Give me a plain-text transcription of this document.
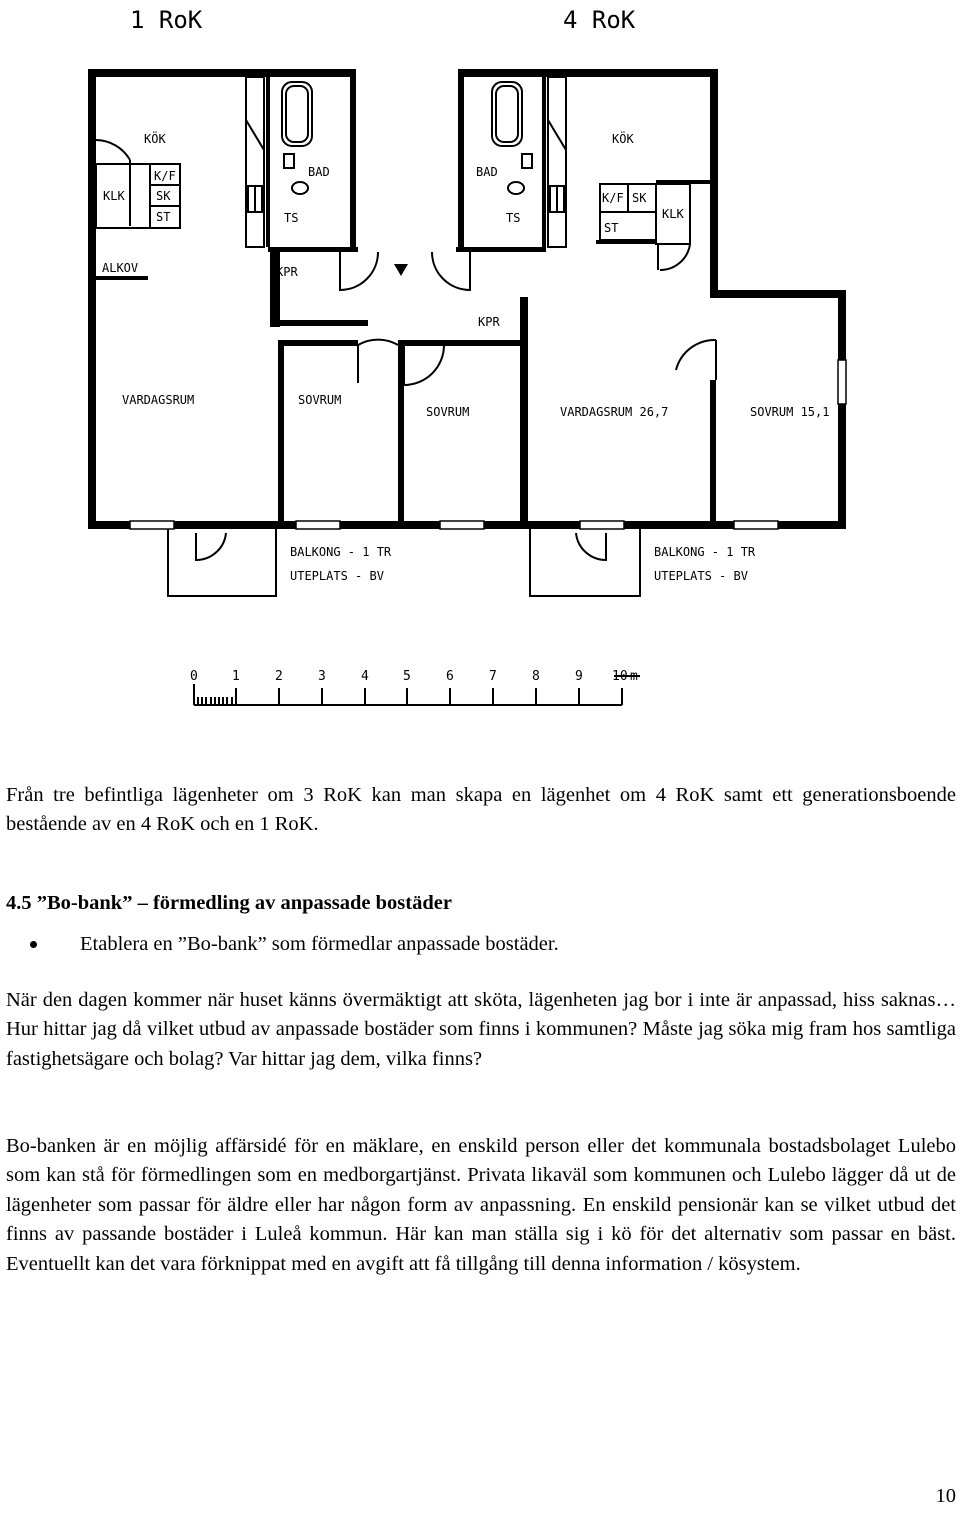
1 RoK	4 RoK
KÖK
KLK
K/F
SK
ST
ALKOV
BAD
TS
KPR
VARDAGSRUM	SOVRUM
SOVRUM
BAD
TS
KÖK
K/F SK
ST
KLK
KPR
VARDAGSRUM 26,7	SOVRUM 15,1
BALKONG - 1 TR
UTEPLATS - BV
BALKONG - 1 TR
UTEPLATS - BV
0	1	2	3	4	5	6	7	8	9 10 m

Från tre befintliga lägenheter om 3 RoK kan man skapa en lägenhet om 4 RoK samt ett generationsboende bestående av en 4 RoK och en 1 RoK.

4.5 ”Bo-bank” – förmedling av anpassade bostäder

Etablera en ”Bo-bank” som förmedlar anpassade bostäder.

När den dagen kommer när huset känns övermäktigt att sköta, lägenheten jag bor i inte är anpassad, hiss saknas… Hur hittar jag då vilket utbud av anpassade bostäder som finns i kommunen? Måste jag söka mig fram hos samtliga fastighetsägare och bolag? Var hittar jag dem, vilka finns?

Bo-banken är en möjlig affärsidé för en mäklare, en enskild person eller det kommunala bostadsbolaget Lulebo som kan stå för förmedlingen som en medborgartjänst. Privata likaväl som kommunen och Lulebo lägger då ut de lägenheter som passar för äldre eller har någon form av anpassning. En enskild pensionär kan se vilket utbud det finns av passande bostäder i Luleå kommun. Här kan man ställa sig i kö för det alternativ som passar en bäst. Eventuellt kan det vara förknippat med en avgift att få tillgång till denna information / kösystem.

10
